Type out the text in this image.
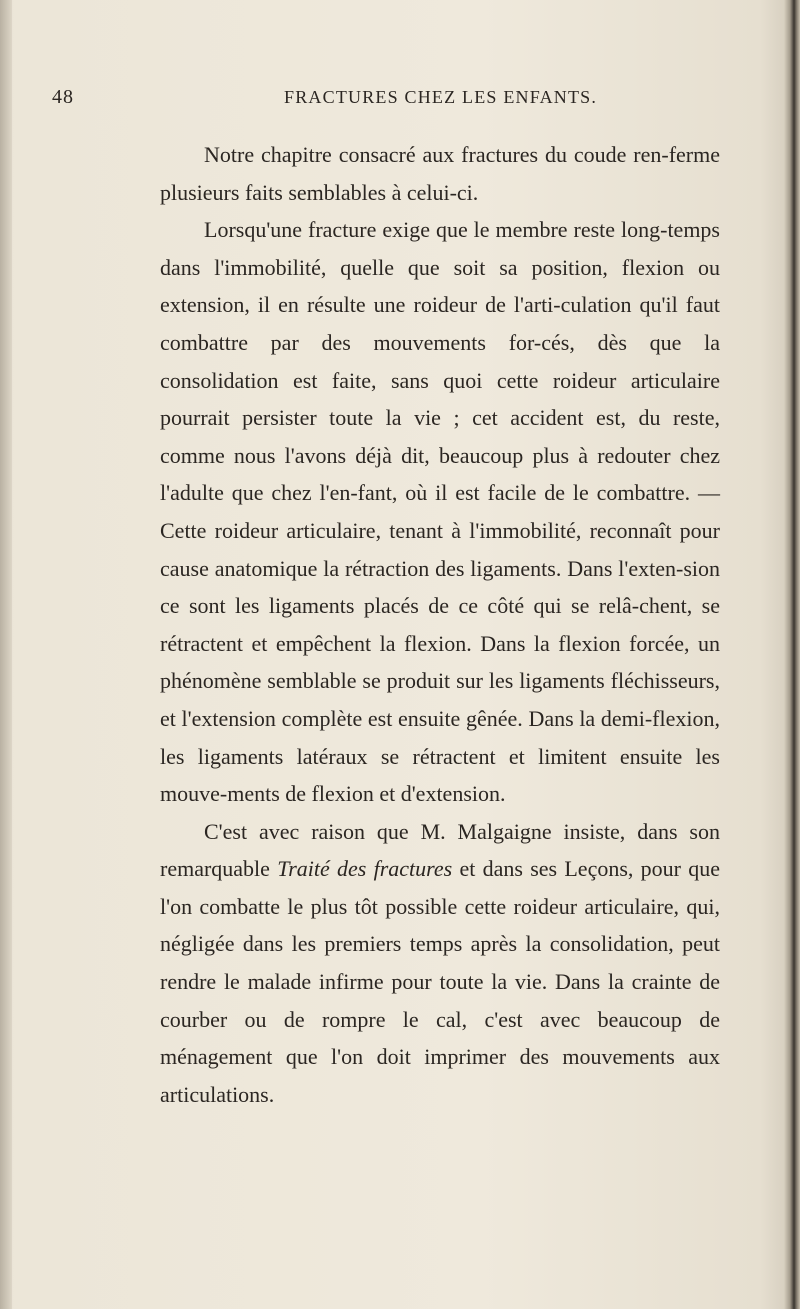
48	FRACTURES CHEZ LES ENFANTS.

Notre chapitre consacré aux fractures du coude ren-ferme plusieurs faits semblables à celui-ci.

Lorsqu'une fracture exige que le membre reste long-temps dans l'immobilité, quelle que soit sa position, flexion ou extension, il en résulte une roideur de l'arti-culation qu'il faut combattre par des mouvements for-cés, dès que la consolidation est faite, sans quoi cette roideur articulaire pourrait persister toute la vie ; cet accident est, du reste, comme nous l'avons déjà dit, beaucoup plus à redouter chez l'adulte que chez l'en-fant, où il est facile de le combattre. — Cette roideur articulaire, tenant à l'immobilité, reconnaît pour cause anatomique la rétraction des ligaments. Dans l'exten-sion ce sont les ligaments placés de ce côté qui se relâ-chent, se rétractent et empêchent la flexion. Dans la flexion forcée, un phénomène semblable se produit sur les ligaments fléchisseurs, et l'extension complète est ensuite gênée. Dans la demi-flexion, les ligaments latéraux se rétractent et limitent ensuite les mouve-ments de flexion et d'extension.

C'est avec raison que M. Malgaigne insiste, dans son remarquable Traité des fractures et dans ses Leçons, pour que l'on combatte le plus tôt possible cette roideur articulaire, qui, négligée dans les premiers temps après la consolidation, peut rendre le malade infirme pour toute la vie. Dans la crainte de courber ou de rompre le cal, c'est avec beaucoup de ménagement que l'on doit imprimer des mouvements aux articulations.
